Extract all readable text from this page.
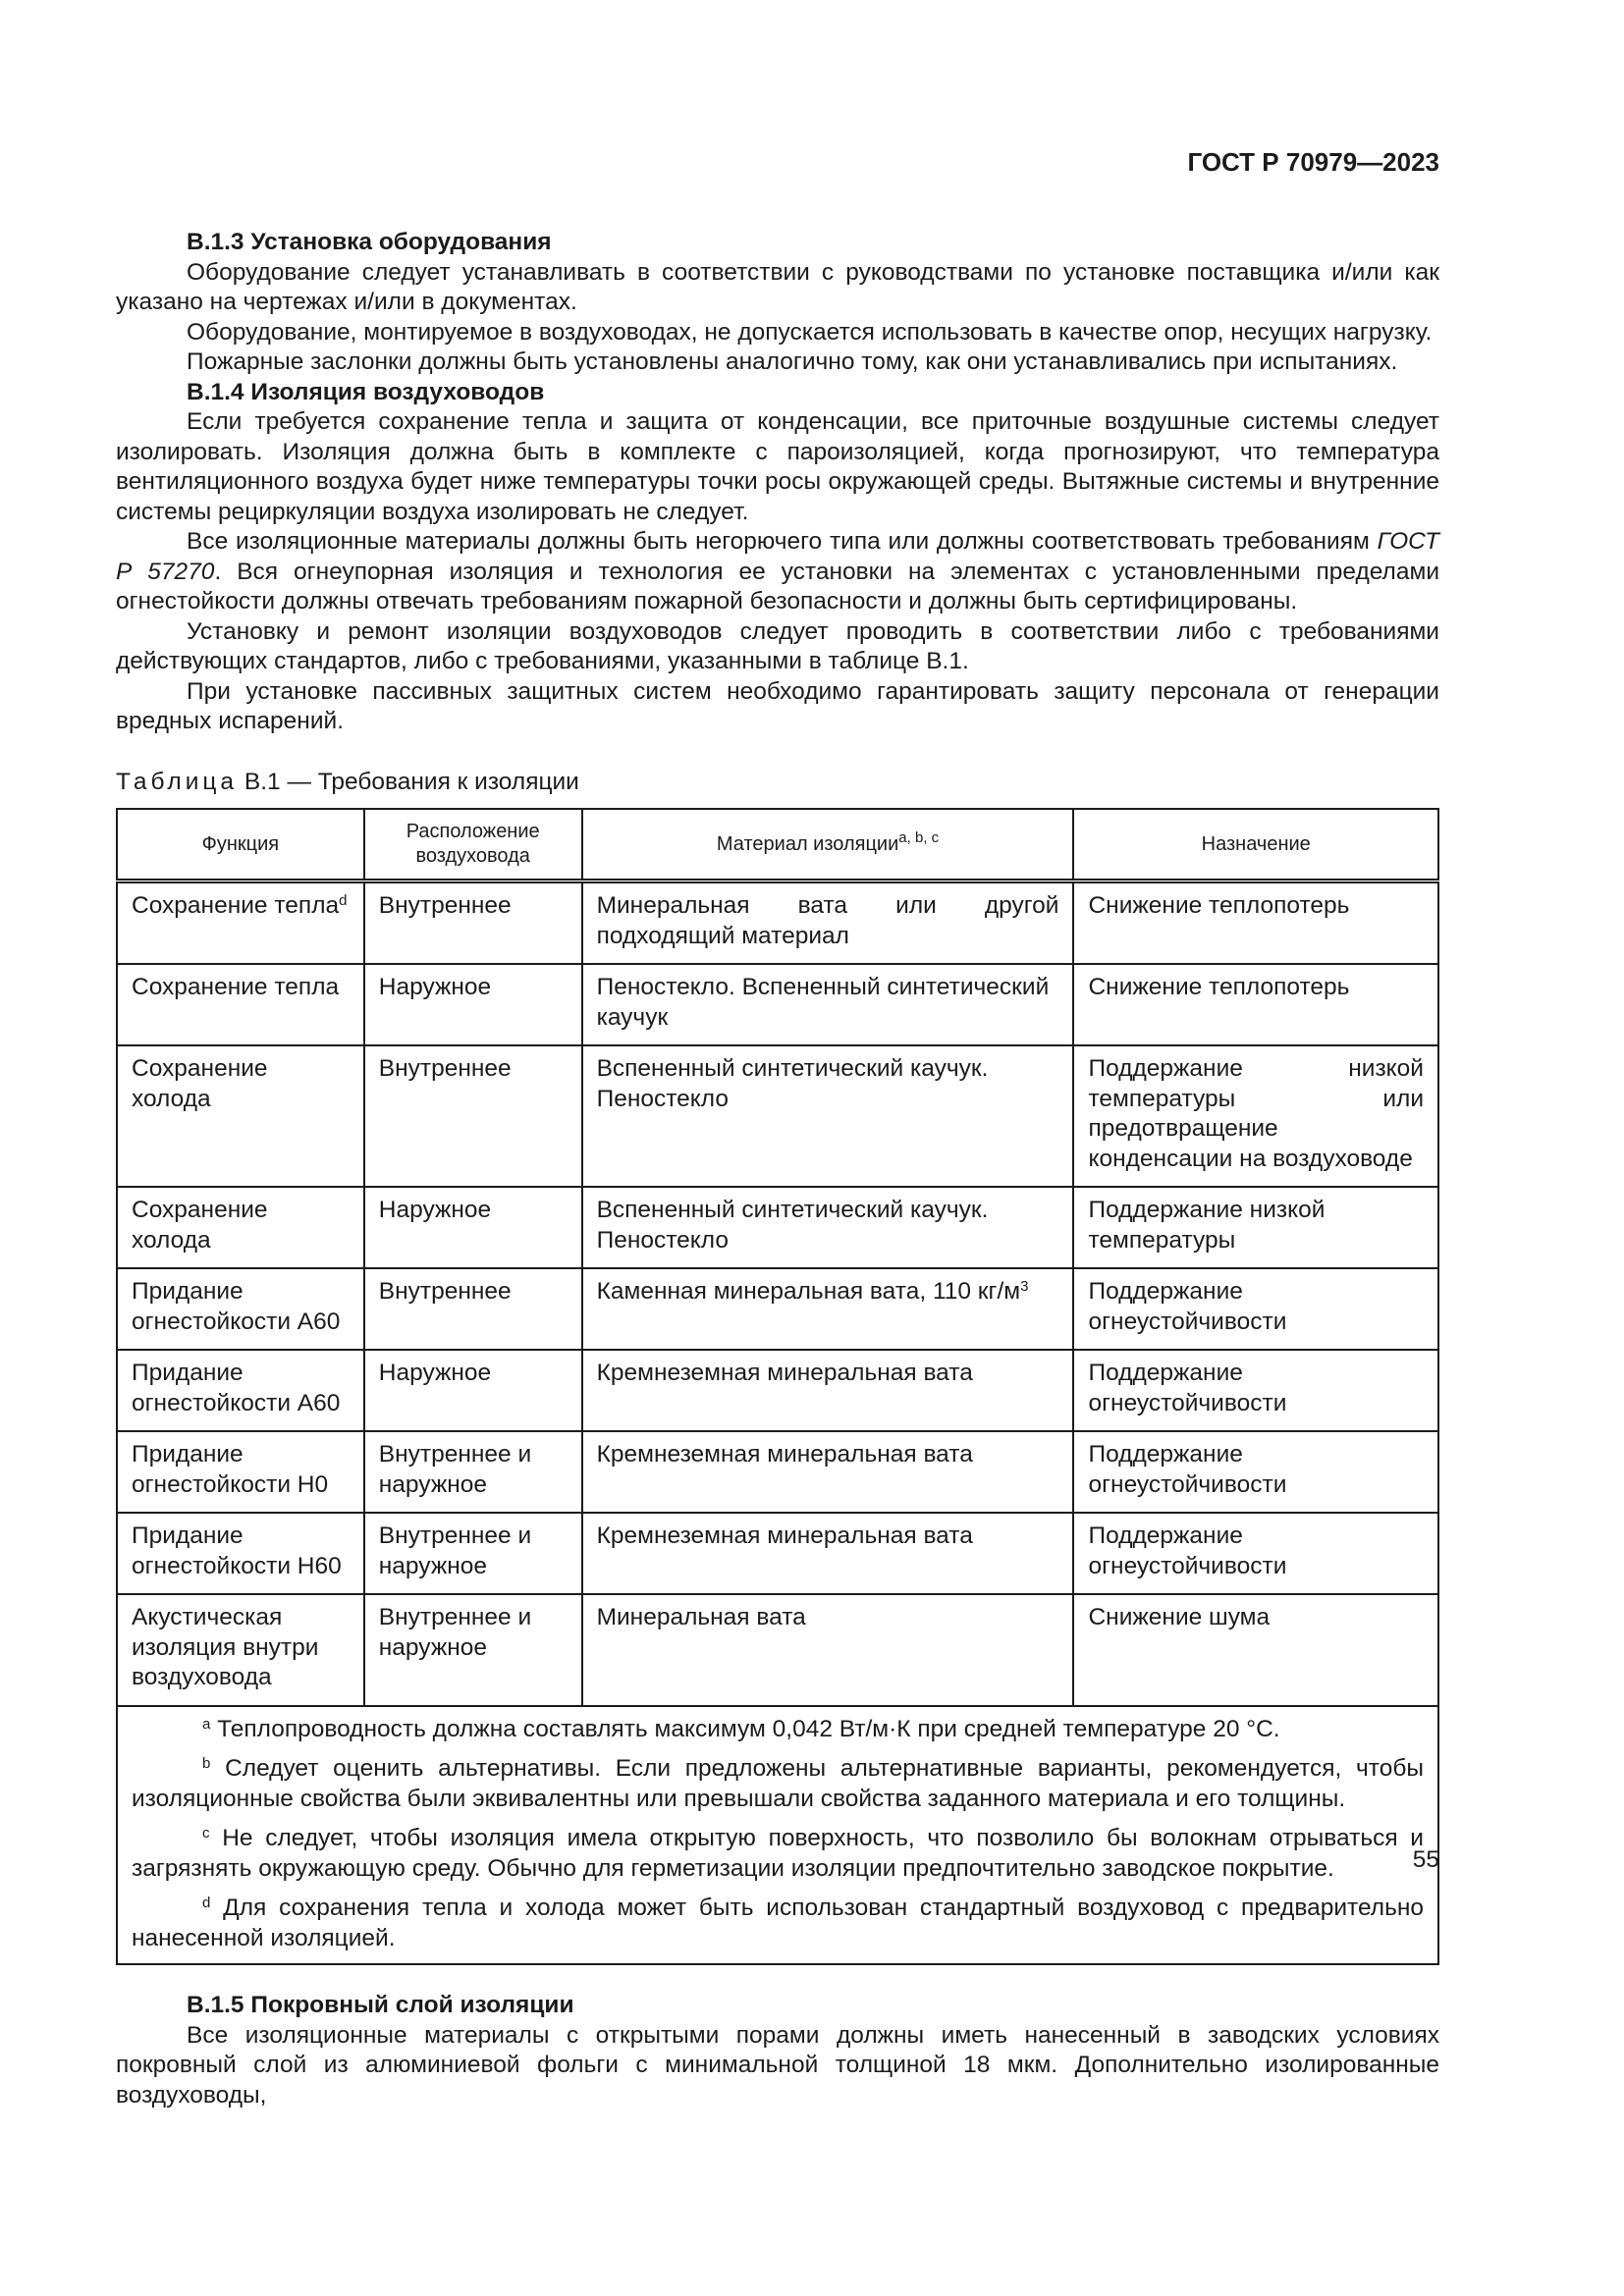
ГОСТ Р 70979—2023
В.1.3 Установка оборудования

Оборудование следует устанавливать в соответствии с руководствами по установке поставщика и/или как указано на чертежах и/или в документах.

Оборудование, монтируемое в воздуховодах, не допускается использовать в качестве опор, несущих нагрузку.

Пожарные заслонки должны быть установлены аналогично тому, как они устанавливались при испытаниях.

В.1.4 Изоляция воздуховодов

Если требуется сохранение тепла и защита от конденсации, все приточные воздушные системы следует изолировать. Изоляция должна быть в комплекте с пароизоляцией, когда прогнозируют, что температура вентиляционного воздуха будет ниже температуры точки росы окружающей среды. Вытяжные системы и внутренние системы рециркуляции воздуха изолировать не следует.

Все изоляционные материалы должны быть негорючего типа или должны соответствовать требованиям ГОСТ Р 57270. Вся огнеупорная изоляция и технология ее установки на элементах с установленными пределами огнестойкости должны отвечать требованиям пожарной безопасности и должны быть сертифицированы.

Установку и ремонт изоляции воздуховодов следует проводить в соответствии либо с требованиями действующих стандартов, либо с требованиями, указанными в таблице В.1.

При установке пассивных защитных систем необходимо гарантировать защиту персонала от генерации вредных испарений.

Таблица В.1 — Требования к изоляции
Функция	Расположение воздуховода	Материал изоляции$^{a, b, c}$	Назначение
Сохранение тепла$^d$	Внутреннее	Минеральная вата или другой подходящий материал	Снижение теплопотерь
Сохранение тепла	Наружное	Пеностекло. Вспененный синтетический каучук	Снижение теплопотерь
Сохранение холода	Внутреннее	Вспененный синтетический каучук. Пеностекло	Поддержание низкой температуры или предотвращение конденсации на воздуховоде
Сохранение холода	Наружное	Вспененный синтетический каучук. Пеностекло	Поддержание низкой температуры
Придание огнестойкости А60	Внутреннее	Каменная минеральная вата, 110 $кг/м^3$	Поддержание огнеустойчивости
Придание огнестойкости А60	Наружное	Кремнеземная минеральная вата	Поддержание огнеустойчивости
Придание огнестойкости Н0	Внутреннее и наружное	Кремнеземная минеральная вата	Поддержание огнеустойчивости
Придание огнестойкости Н60	Внутреннее и наружное	Кремнеземная минеральная вата	Поддержание огнеустойчивости
Акустическая изоляция внутри воздуховода	Внутреннее и наружное	Минеральная вата	Снижение шума

$^a$ Теплопроводность должна составлять максимум 0,042 Вт/м·К при средней температуре 20 °C.
$^b$ Следует оценить альтернативы. Если предложены альтернативные варианты, рекомендуется, чтобы изоляционные свойства были эквивалентны или превышали свойства заданного материала и его толщины.
$^c$ Не следует, чтобы изоляция имела открытую поверхность, что позволило бы волокнам отрываться и загрязнять окружающую среду. Обычно для герметизации изоляции предпочтительно заводское покрытие.
$^d$ Для сохранения тепла и холода может быть использован стандартный воздуховод с предварительно нанесенной изоляцией.			
В.1.5 Покровный слой изоляции

Все изоляционные материалы с открытыми порами должны иметь нанесенный в заводских условиях покровный слой из алюминиевой фольги с минимальной толщиной 18 мкм. Дополнительно изолированные воздуховоды,

55
